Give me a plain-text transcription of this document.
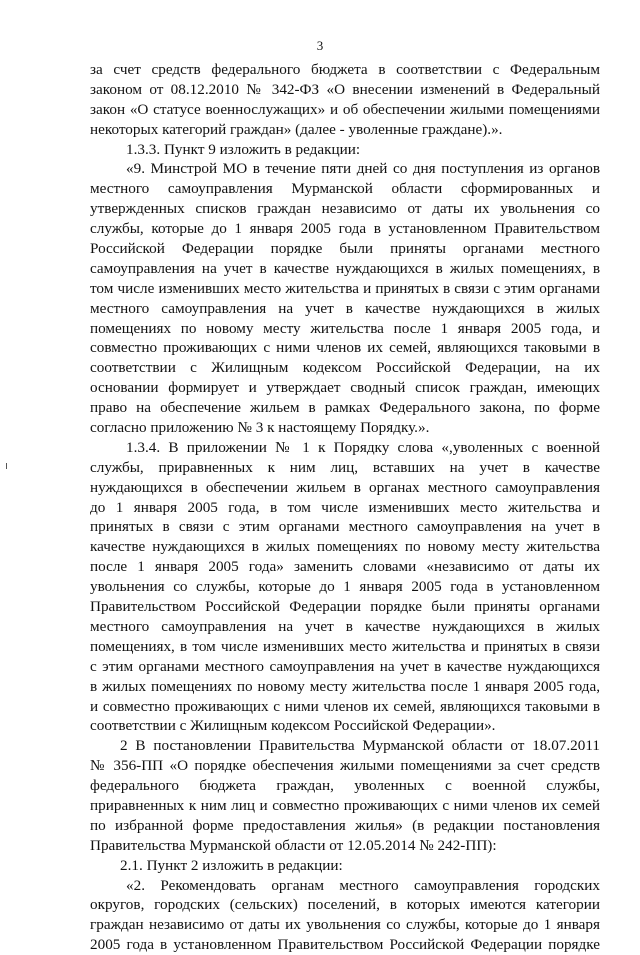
3
за счет средств федерального бюджета в соответствии с Федеральным
законом от 08.12.2010 № 342-ФЗ «О внесении изменений в Федеральный
закон «О статусе военнослужащих» и об обеспечении жилыми помещениями
некоторых категорий граждан» (далее - уволенные граждане).».
1.3.3. Пункт 9 изложить в редакции:
«9. Минстрой МО в течение пяти дней со дня поступления из органов
местного самоуправления Мурманской области сформированных и
утвержденных списков граждан независимо от даты их увольнения со
службы, которые до 1 января 2005 года в установленном Правительством
Российской Федерации порядке были приняты органами местного
самоуправления на учет в качестве нуждающихся в жилых помещениях, в
том числе изменивших место жительства и принятых в связи с этим органами
местного самоуправления на учет в качестве нуждающихся в жилых
помещениях по новому месту жительства после 1 января 2005 года, и
совместно проживающих с ними членов их семей, являющихся таковыми в
соответствии с Жилищным кодексом Российской Федерации, на их
основании формирует и утверждает сводный список граждан, имеющих
право на обеспечение жильем в рамках Федерального закона, по форме
согласно приложению № 3 к настоящему Порядку.».
1.3.4. В приложении № 1 к Порядку слова «,уволенных с военной
службы, приравненных к ним лиц, вставших на учет в качестве
нуждающихся в обеспечении жильем в органах местного самоуправления
до 1 января 2005 года, в том числе изменивших место жительства и
принятых в связи с этим органами местного самоуправления на учет в
качестве нуждающихся в жилых помещениях по новому месту жительства
после 1 января 2005 года» заменить словами «независимо от даты их
увольнения со службы, которые до 1 января 2005 года в установленном
Правительством Российской Федерации порядке были приняты органами
местного самоуправления на учет в качестве нуждающихся в жилых
помещениях, в том числе изменивших место жительства и принятых в связи
с этим органами местного самоуправления на учет в качестве нуждающихся
в жилых помещениях по новому месту жительства после 1 января 2005 года,
и совместно проживающих с ними членов их семей, являющихся таковыми в
соответствии с Жилищным кодексом Российской Федерации».
2 В постановлении Правительства Мурманской области от 18.07.2011
№ 356-ПП «О порядке обеспечения жилыми помещениями за счет средств
федерального бюджета граждан, уволенных с военной службы,
приравненных к ним лиц и совместно проживающих с ними членов их семей
по избранной форме предоставления жилья» (в редакции постановления
Правительства Мурманской области от 12.05.2014 № 242-ПП):
2.1. Пункт 2 изложить в редакции:
«2. Рекомендовать органам местного самоуправления городских
округов, городских (сельских) поселений, в которых имеются категории
граждан независимо от даты их увольнения со службы, которые до 1 января
2005 года в установленном Правительством Российской Федерации порядке
